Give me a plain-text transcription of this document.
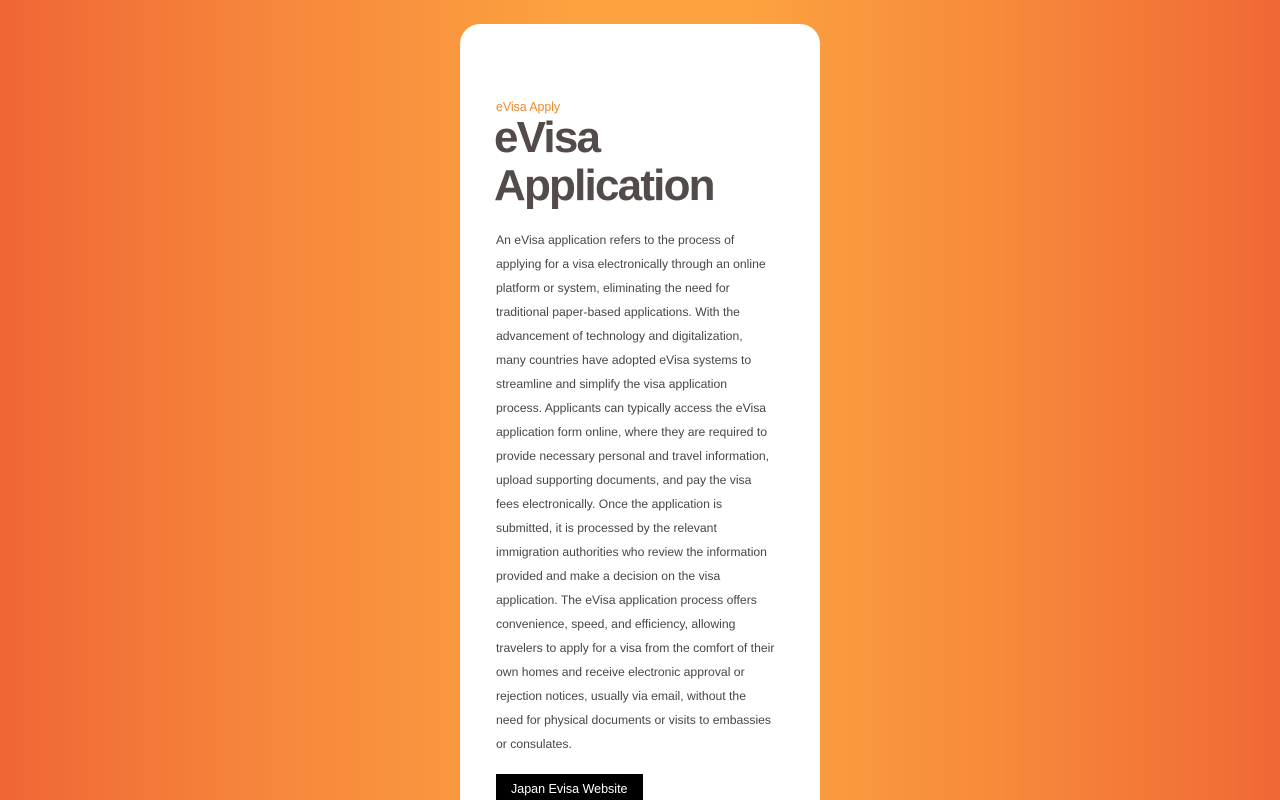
eVisa Apply
eVisa
Application
An eVisa application refers to the process of
applying for a visa electronically through an online
platform or system, eliminating the need for
traditional paper-based applications. With the
advancement of technology and digitalization,
many countries have adopted eVisa systems to
streamline and simplify the visa application
process. Applicants can typically access the eVisa
application form online, where they are required to
provide necessary personal and travel information,
upload supporting documents, and pay the visa
fees electronically. Once the application is
submitted, it is processed by the relevant
immigration authorities who review the information
provided and make a decision on the visa
application. The eVisa application process offers
convenience, speed, and efficiency, allowing
travelers to apply for a visa from the comfort of their
own homes and receive electronic approval or
rejection notices, usually via email, without the
need for physical documents or visits to embassies
or consulates.
Japan Evisa Website
